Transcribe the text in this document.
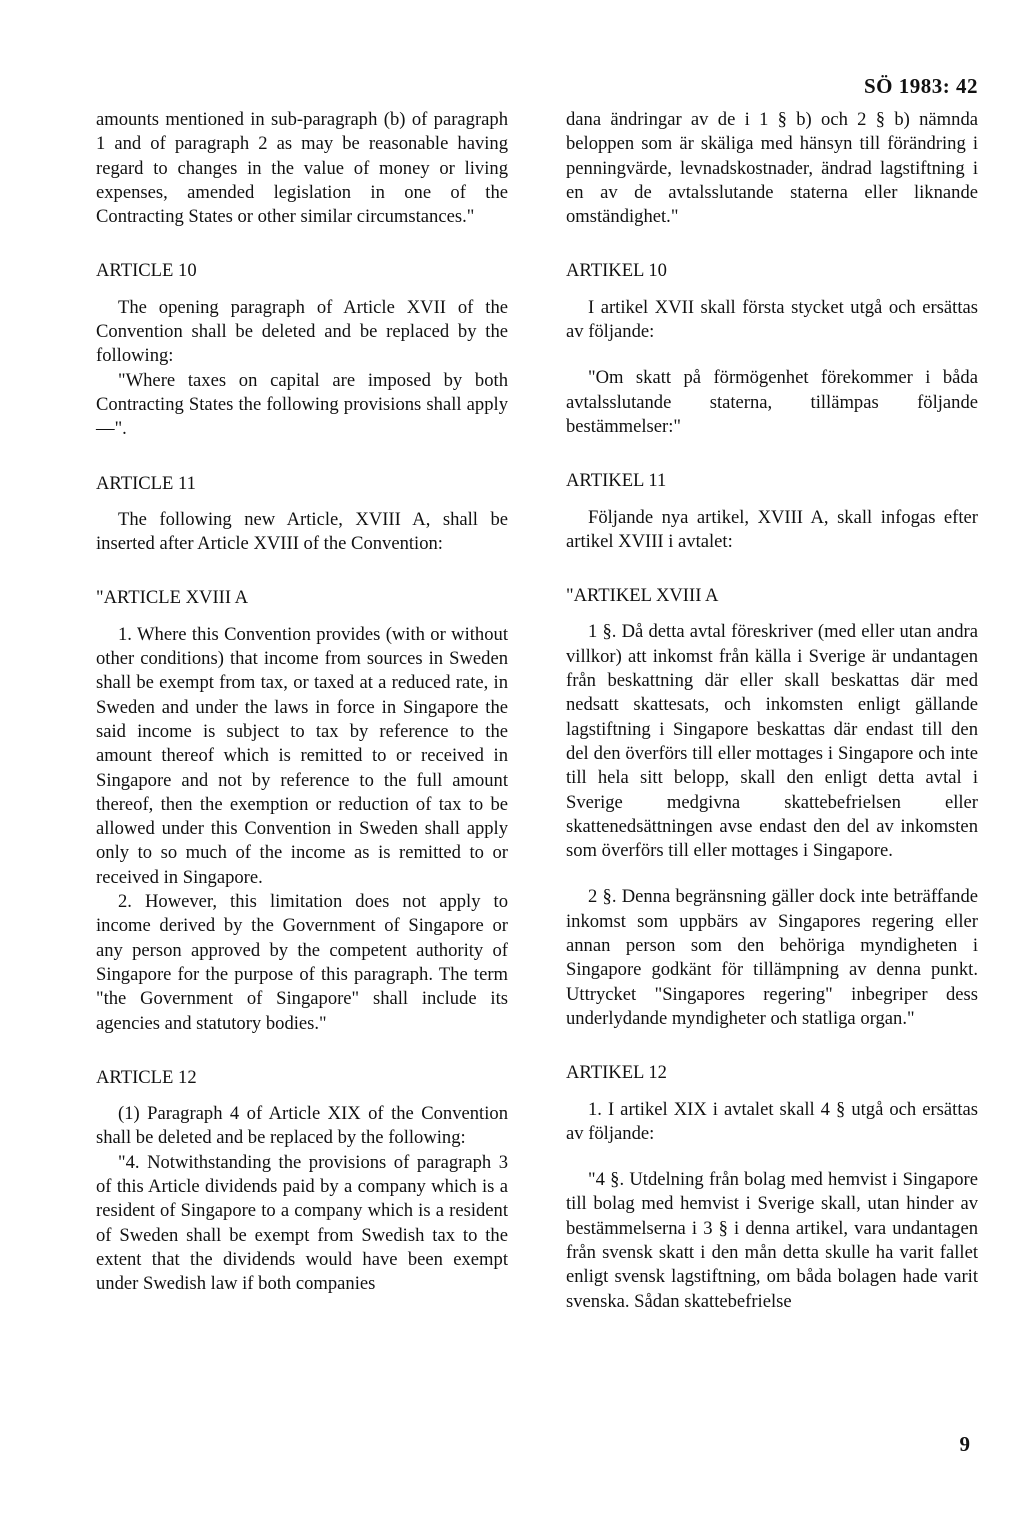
SÖ 1983: 42

amounts mentioned in sub-paragraph (b) of paragraph 1 and of paragraph 2 as may be reasonable having regard to changes in the value of money or living expenses, amended legislation in one of the Contracting States or other similar circumstances."

ARTICLE 10

The opening paragraph of Article XVII of the Convention shall be deleted and be replaced by the following:

"Where taxes on capital are imposed by both Contracting States the following provisions shall apply —".

ARTICLE 11

The following new Article, XVIII A, shall be inserted after Article XVIII of the Convention:

"ARTICLE XVIII A

1. Where this Convention provides (with or without other conditions) that income from sources in Sweden shall be exempt from tax, or taxed at a reduced rate, in Sweden and under the laws in force in Singapore the said income is subject to tax by reference to the amount thereof which is remitted to or received in Singapore and not by reference to the full amount thereof, then the exemption or reduction of tax to be allowed under this Convention in Sweden shall apply only to so much of the income as is remitted to or received in Singapore.

2. However, this limitation does not apply to income derived by the Government of Singapore or any person approved by the competent authority of Singapore for the purpose of this paragraph. The term "the Government of Singapore" shall include its agencies and statutory bodies."

ARTICLE 12

(1) Paragraph 4 of Article XIX of the Convention shall be deleted and be replaced by the following:

"4. Notwithstanding the provisions of paragraph 3 of this Article dividends paid by a company which is a resident of Singapore to a company which is a resident of Sweden shall be exempt from Swedish tax to the extent that the dividends would have been exempt under Swedish law if both companies

dana ändringar av de i 1 § b) och 2 § b) nämnda beloppen som är skäliga med hänsyn till förändring i penningvärde, levnadskostnader, ändrad lagstiftning i en av de avtalsslutande staterna eller liknande omständighet."

ARTIKEL 10

I artikel XVII skall första stycket utgå och ersättas av följande:

"Om skatt på förmögenhet förekommer i båda avtalsslutande staterna, tillämpas följande bestämmelser:"

ARTIKEL 11

Följande nya artikel, XVIII A, skall infogas efter artikel XVIII i avtalet:

"ARTIKEL XVIII A

1 §. Då detta avtal föreskriver (med eller utan andra villkor) att inkomst från källa i Sverige är undantagen från beskattning där eller skall beskattas där med nedsatt skattesats, och inkomsten enligt gällande lagstiftning i Singapore beskattas där endast till den del den överförs till eller mottages i Singapore och inte till hela sitt belopp, skall den enligt detta avtal i Sverige medgivna skattebefrielsen eller skattenedsättningen avse endast den del av inkomsten som överförs till eller mottages i Singapore.

2 §. Denna begränsning gäller dock inte beträffande inkomst som uppbärs av Singapores regering eller annan person som den behöriga myndigheten i Singapore godkänt för tillämpning av denna punkt. Uttrycket "Singapores regering" inbegriper dess underlydande myndigheter och statliga organ."

ARTIKEL 12

1. I artikel XIX i avtalet skall 4 § utgå och ersättas av följande:

"4 §. Utdelning från bolag med hemvist i Singapore till bolag med hemvist i Sverige skall, utan hinder av bestämmelserna i 3 § i denna artikel, vara undantagen från svensk skatt i den mån detta skulle ha varit fallet enligt svensk lagstiftning, om båda bolagen hade varit svenska. Sådan skattebefrielse

9
